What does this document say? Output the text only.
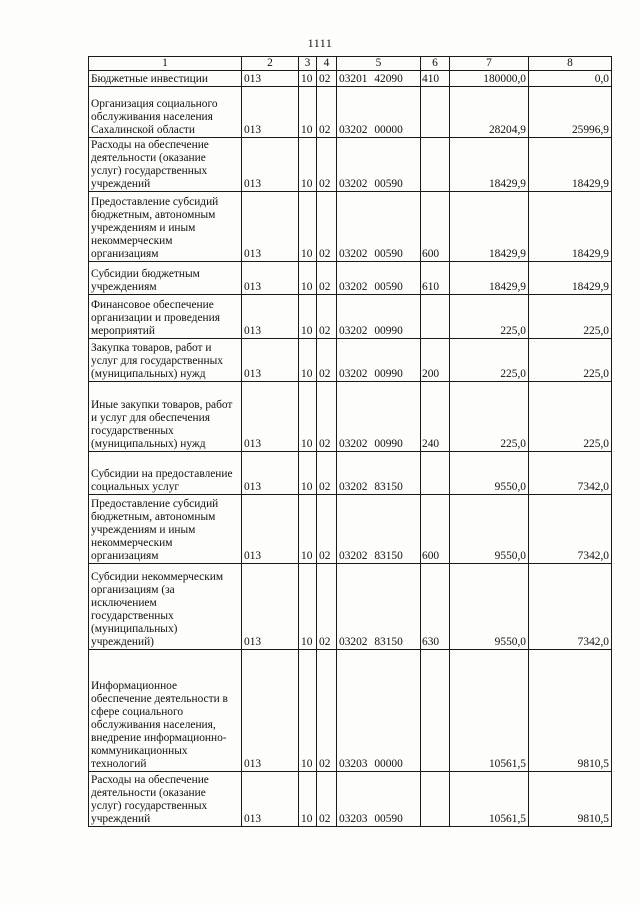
1111
1	2	3	4	5	6	7	8
Бюджетные инвестиции	013	10	02	03201 42090	410	180000,0	0,0
Организация социального обслуживания населения Сахалинской области	013	10	02	03202 00000		28204,9	25996,9
Расходы на обеспечение деятельности (оказание услуг) государственных учреждений	013	10	02	03202 00590		18429,9	18429,9
Предоставление субсидий бюджетным, автономным учреждениям и иным некоммерческим организациям	013	10	02	03202 00590	600	18429,9	18429,9
Субсидии бюджетным учреждениям	013	10	02	03202 00590	610	18429,9	18429,9
Финансовое обеспечение организации и проведения мероприятий	013	10	02	03202 00990		225,0	225,0
Закупка товаров, работ и услуг для государственных (муниципальных) нужд	013	10	02	03202 00990	200	225,0	225,0
Иные закупки товаров, работ и услуг для обеспечения государственных (муниципальных) нужд	013	10	02	03202 00990	240	225,0	225,0
Субсидии на предоставление социальных услуг	013	10	02	03202 83150		9550,0	7342,0
Предоставление субсидий бюджетным, автономным учреждениям и иным некоммерческим организациям	013	10	02	03202 83150	600	9550,0	7342,0
Субсидии некоммерческим организациям (за исключением государственных (муниципальных) учреждений)	013	10	02	03202 83150	630	9550,0	7342,0
Информационное обеспечение деятельности в сфере социального обслуживания населения, внедрение информационно-коммуникационных технологий	013	10	02	03203 00000		10561,5	9810,5
Расходы на обеспечение деятельности (оказание услуг) государственных учреждений	013	10	02	03203 00590		10561,5	9810,5
